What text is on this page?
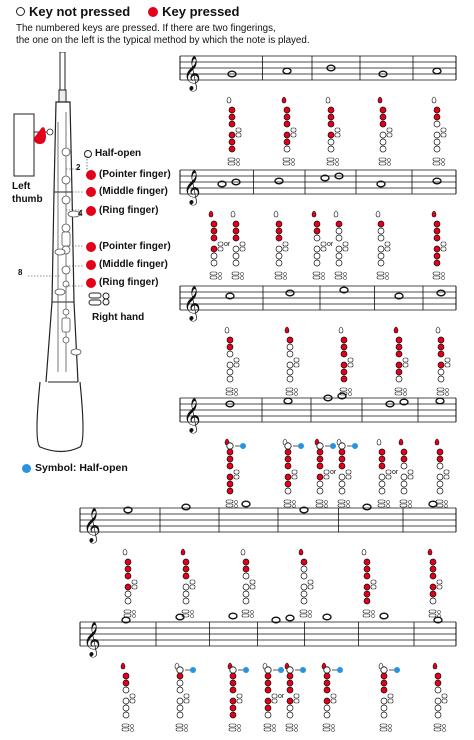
Key not pressed Key pressed
The numbered keys are pressed. If there are two fingerings,
the one on the left is the typical method by which the note is played.
Half-open
2
Left
thumb
(Pointer finger)
(Middle finger)
(Ring finger)
4
(Pointer finger)
(Middle finger)
8
(Ring finger)
Right hand
Symbol: Half-open
𝄞
𝄞
or	or
𝄞
𝄞
or	or
𝄞
𝄞
or
